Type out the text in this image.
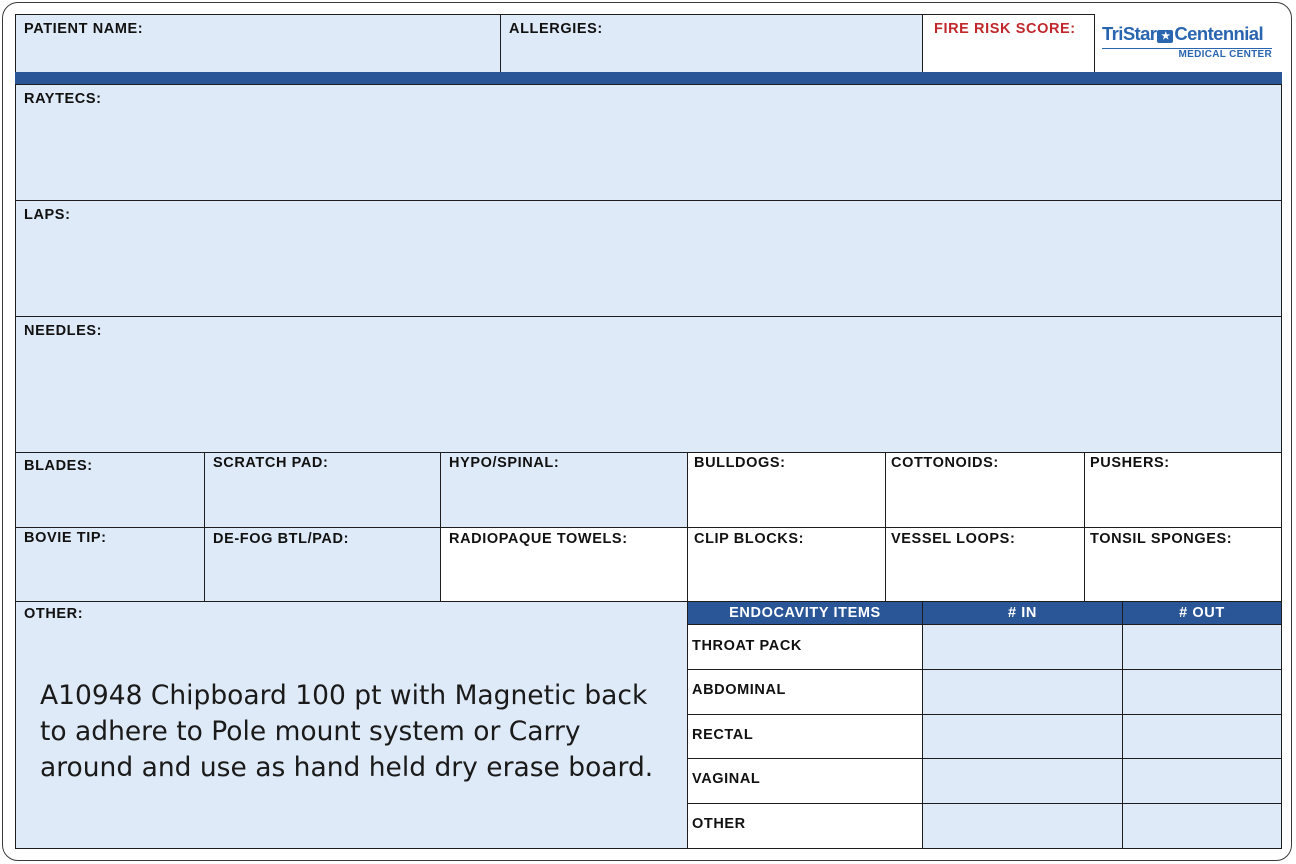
PATIENT NAME:	ALLERGIES:	FIRE RISK SCORE: TriStar ★ Centennial
MEDICAL CENTER
RAYTECS:
LAPS:
NEEDLES:
BLADES:	SCRATCH PAD:	HYPO/SPINAL:	BULLDOGS:	COTTONOIDS:	PUSHERS:
BOVIE TIP:	DE-FOG BTL/PAD:	RADIOPAQUE TOWELS:	CLIP BLOCKS:	VESSEL LOOPS:	TONSIL SPONGES:
OTHER:
A10948 Chipboard 100 pt with Magnetic back
to adhere to Pole mount system or Carry
around and use as hand held dry erase board.
ENDOCAVITY ITEMS	# IN	# OUT
THROAT PACK
ABDOMINAL
RECTAL
VAGINAL
OTHER
